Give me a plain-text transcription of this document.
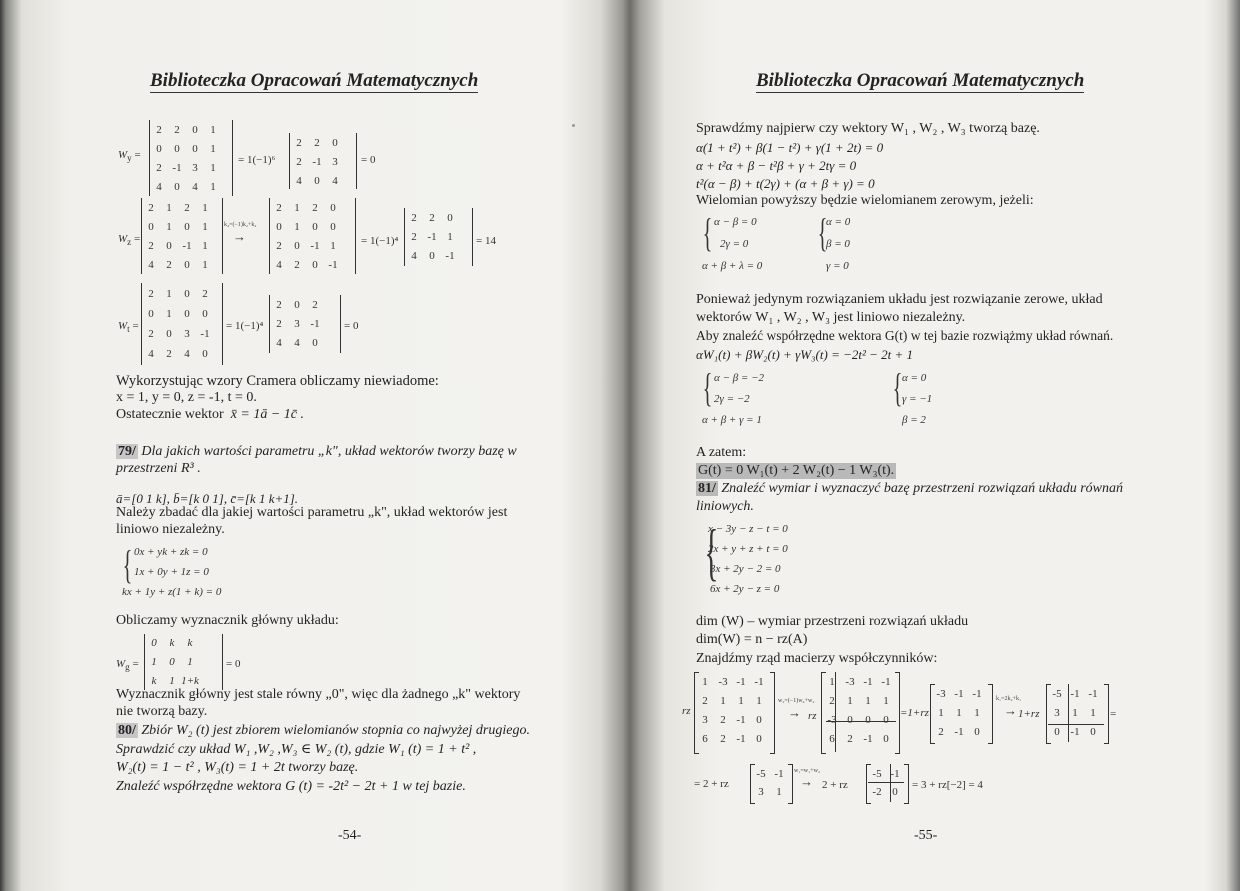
Biblioteczka Opracowań Matematycznych
$W_y$ =
2 2 0 1
0 0 0 1
2 -1 3 1
4 0 4 1
= 1(−1)⁶
2 2 0
2 -1 3
4 0 4
= 0
$W_z$ =
2 1 2 1
0 1 0 1
2 0 -1 1
4 2 0 1
k₄=(−1)k₂+k₄
→
2 1 2 0
0 1 0 0
2 0 -1 1
4 2 0 -1
= 1(−1)⁴
2 2 0
2 -1 1
4 0 -1
= 14
$W_t$ =
2 1 0 2
0 1 0 0
2 0 3 -1
4 2 4 0
= 1(−1)⁴
2 0 2
2 3 -1
4 4 0
= 0
Wykorzystując wzory Cramera obliczamy niewiadome:
x = 1, y = 0, z = -1, t = 0.
Ostatecznie wektor x̄ = 1ā − 1c̄ .
79/ Dla jakich wartości parametru „k", układ wektorów tworzy bazę w
przestrzeni R³ .
ā=[0 1 k], b̄=[k 0 1], c̄=[k 1 k+1].
Należy zbadać dla jakiej wartości parametru „k", układ wektorów jest
liniowo niezależny.
{ 0x + yk + zk = 0
1x + 0y + 1z = 0
kx + 1y + z(1 + k) = 0
Obliczamy wyznacznik główny układu:
$W_g$ =
0 k k
1 0 1
k 1 1+k
= 0
Wyznacznik główny jest stale równy „0", więc dla żadnego „k" wektory
nie tworzą bazy.
80/ Zbiór W₂ (t) jest zbiorem wielomianów stopnia co najwyżej drugiego.
Sprawdzić czy układ W₁ ,W₂ ,W₃ ∈ W₂ (t), gdzie W₁ (t) = 1 + t² ,
W₂(t) = 1 − t² , W₃(t) = 1 + 2t tworzy bazę.
Znaleźć współrzędne wektora G (t) = -2t² − 2t + 1 w tej bazie.
-54-
Biblioteczka Opracowań Matematycznych
Sprawdźmy najpierw czy wektory W₁ , W₂ , W₃ tworzą bazę.
α(1 + t²) + β(1 − t²) + γ(1 + 2t) = 0
α + t²α + β − t²β + γ + 2tγ = 0
t²(α − β) + t(2γ) + (α + β + γ) = 0
Wielomian powyższy będzie wielomianem zerowym, jeżeli:
{ α − β = 0
2γ = 0
α + β + λ = 0
{
α = 0
β = 0
γ = 0
Ponieważ jedynym rozwiązaniem układu jest rozwiązanie zerowe, układ
wektorów W₁ , W₂ , W₃ jest liniowo niezależny.
Aby znaleźć współrzędne wektora G(t) w tej bazie rozwiążmy układ równań.
αW₁(t) + βW₂(t) + γW₃(t) = −2t² − 2t + 1
{ α − β = −2
2γ = −2
α + β + γ = 1
{ α = 0
γ = −1
β = 2
A zatem:
G(t) = 0 W₁(t) + 2 W₂(t) − 1 W₃(t).
81/ Znaleźć wymiar i wyznaczyć bazę przestrzeni rozwiązań układu równań
liniowych.
{
x − 3y − z − t = 0
2x + y + z + t = 0
3x + 2y − 2 = 0
6x + 2y − z = 0
dim (W) – wymiar przestrzeni rozwiązań układu
dim(W) = n − rz(A)
Znajdźmy rząd macierzy współczynników:
rz
1 -3 -1 -1
2 1 1 1
3 2 -1 0
6 2 -1 0
w₂=(−1)w₄+w₂
→ rz
1 -3 -1 -1
2 1 1 1
-3 0 0 0
6 2 -1 0
=1+rz
-3 -1 -1
1 1 1
2 -1 0
k₁=2k₂+k₁
→ 1+rz
-5 -1 -1
3 1 1
0 -1 0
=
= 2 + rz
-5 -1
3 1
w₁=w₁+w₂
→ 2 + rz
-5 -1
-2 0
= 3 + rz[−2] = 4
-55-
